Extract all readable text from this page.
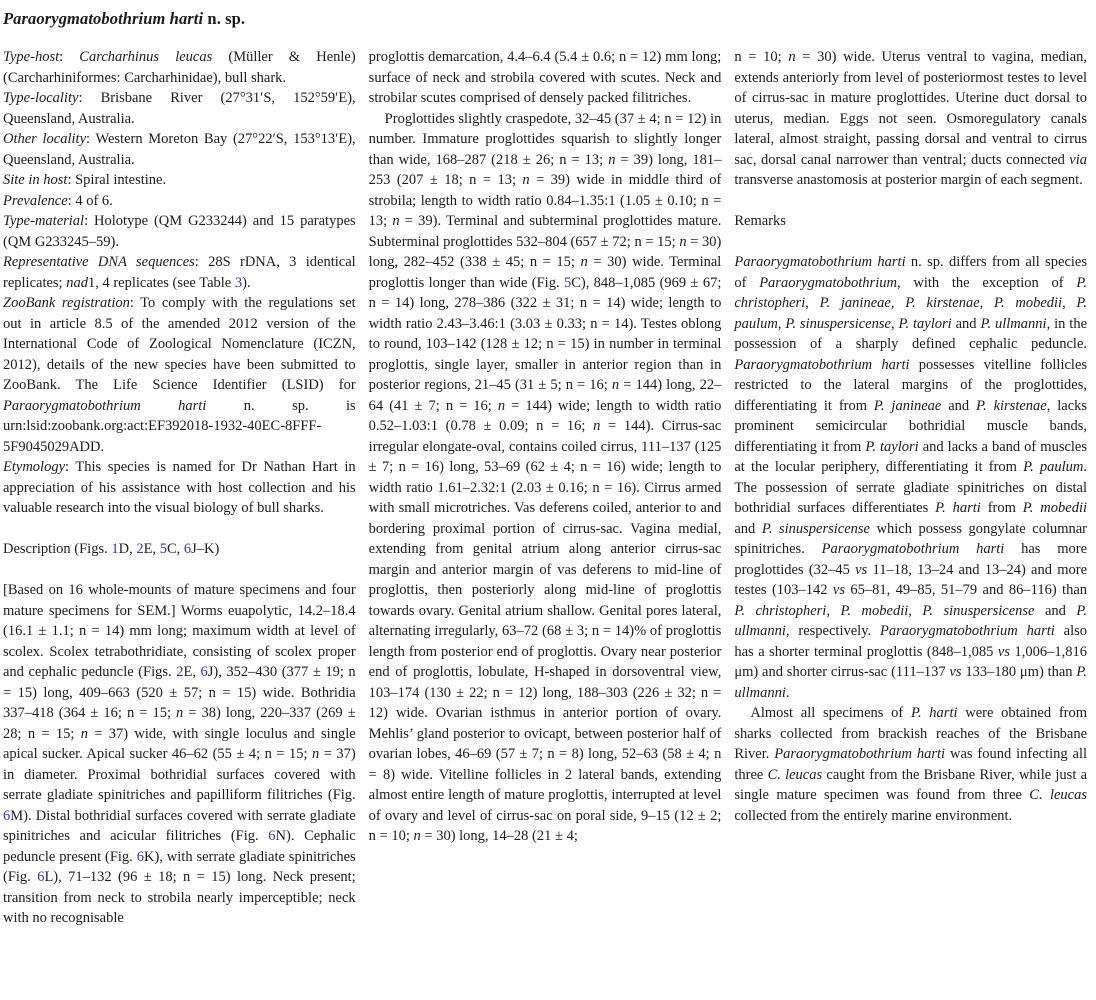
Paraorygmatobothrium harti n. sp.

Type-host: Carcharhinus leucas (Müller & Henle) (Carcharhiniformes: Carcharhinidae), bull shark.

Type-locality: Brisbane River (27°31′S, 152°59′E), Queensland, Australia.

Other locality: Western Moreton Bay (27°22′S, 153°13′E), Queensland, Australia.

Site in host: Spiral intestine.

Prevalence: 4 of 6.

Type-material: Holotype (QM G233244) and 15 paratypes (QM G233245–59).

Representative DNA sequences: 28S rDNA, 3 identical replicates; nad1, 4 replicates (see Table 3).

ZooBank registration: To comply with the regulations set out in article 8.5 of the amended 2012 version of the International Code of Zoological Nomenclature (ICZN, 2012), details of the new species have been submitted to ZooBank. The Life Science Identifier (LSID) for Paraorygmatobothrium harti n. sp. is urn:lsid:zoobank.org:act:EF392018-1932-40EC-8FFF-5F9045029ADD.

Etymology: This species is named for Dr Nathan Hart in appreciation of his assistance with host collection and his valuable research into the visual biology of bull sharks.

Description (Figs. 1D, 2E, 5C, 6J–K)

[Based on 16 whole-mounts of mature specimens and four mature specimens for SEM.] Worms euapolytic, 14.2–18.4 (16.1 ± 1.1; n = 14) mm long; maximum width at level of scolex. Scolex tetrabothridiate, consisting of scolex proper and cephalic peduncle (Figs. 2E, 6J), 352–430 (377 ± 19; n = 15) long, 409–663 (520 ± 57; n = 15) wide. Bothridia 337–418 (364 ± 16; n = 15; n = 38) long, 220–337 (269 ± 28; n = 15; n = 37) wide, with single loculus and single apical sucker. Apical sucker 46–62 (55 ± 4; n = 15; n = 37) in diameter. Proximal bothridial surfaces covered with serrate gladiate spinitriches and papilliform filitriches (Fig. 6M). Distal bothridial surfaces covered with serrate gladiate spinitriches and acicular filitriches (Fig. 6N). Cephalic peduncle present (Fig. 6K), with serrate gladiate spinitriches (Fig. 6L), 71–132 (96 ± 18; n = 15) long. Neck present; transition from neck to strobila nearly imperceptible; neck with no recognisable

proglottis demarcation, 4.4–6.4 (5.4 ± 0.6; n = 12) mm long; surface of neck and strobila covered with scutes. Neck and strobilar scutes comprised of densely packed filitriches.

Proglottides slightly craspedote, 32–45 (37 ± 4; n = 12) in number. Immature proglottides squarish to slightly longer than wide, 168–287 (218 ± 26; n = 13; n = 39) long, 181–253 (207 ± 18; n = 13; n = 39) wide in middle third of strobila; length to width ratio 0.84–1.35:1 (1.05 ± 0.10; n = 13; n = 39). Terminal and subterminal proglottides mature. Subterminal proglottides 532–804 (657 ± 72; n = 15; n = 30) long, 282–452 (338 ± 45; n = 15; n = 30) wide. Terminal proglottis longer than wide (Fig. 5C), 848–1,085 (969 ± 67; n = 14) long, 278–386 (322 ± 31; n = 14) wide; length to width ratio 2.43–3.46:1 (3.03 ± 0.33; n = 14). Testes oblong to round, 103–142 (128 ± 12; n = 15) in number in terminal proglottis, single layer, smaller in anterior region than in posterior regions, 21–45 (31 ± 5; n = 16; n = 144) long, 22–64 (41 ± 7; n = 16; n = 144) wide; length to width ratio 0.52–1.03:1 (0.78 ± 0.09; n = 16; n = 144). Cirrus-sac irregular elongate-oval, contains coiled cirrus, 111–137 (125 ± 7; n = 16) long, 53–69 (62 ± 4; n = 16) wide; length to width ratio 1.61–2.32:1 (2.03 ± 0.16; n = 16). Cirrus armed with small microtriches. Vas deferens coiled, anterior to and bordering proximal portion of cirrus-sac. Vagina medial, extending from genital atrium along anterior cirrus-sac margin and anterior margin of vas deferens to mid-line of proglottis, then posteriorly along mid-line of proglottis towards ovary. Genital atrium shallow. Genital pores lateral, alternating irregularly, 63–72 (68 ± 3; n = 14)% of proglottis length from posterior end of proglottis. Ovary near posterior end of proglottis, lobulate, H-shaped in dorsoventral view, 103–174 (130 ± 22; n = 12) long, 188–303 (226 ± 32; n = 12) wide. Ovarian isthmus in anterior portion of ovary. Mehlis’ gland posterior to ovicapt, between posterior half of ovarian lobes, 46–69 (57 ± 7; n = 8) long, 52–63 (58 ± 4; n = 8) wide. Vitelline follicles in 2 lateral bands, extending almost entire length of mature proglottis, interrupted at level of ovary and level of cirrus-sac on poral side, 9–15 (12 ± 2; n = 10; n = 30) long, 14–28 (21 ± 4;

n = 10; n = 30) wide. Uterus ventral to vagina, median, extends anteriorly from level of posteriormost testes to level of cirrus-sac in mature proglottides. Uterine duct dorsal to uterus, median. Eggs not seen. Osmoregulatory canals lateral, almost straight, passing dorsal and ventral to cirrus sac, dorsal canal narrower than ventral; ducts connected via transverse anastomosis at posterior margin of each segment.

Remarks

Paraorygmatobothrium harti n. sp. differs from all species of Paraorygmatobothrium, with the exception of P. christopheri, P. janineae, P. kirstenae, P. mobedii, P. paulum, P. sinuspersicense, P. taylori and P. ullmanni, in the possession of a sharply defined cephalic peduncle. Paraorygmatobothrium harti possesses vitelline follicles restricted to the lateral margins of the proglottides, differentiating it from P. janineae and P. kirstenae, lacks prominent semicircular bothridial muscle bands, differentiating it from P. taylori and lacks a band of muscles at the locular periphery, differentiating it from P. paulum. The possession of serrate gladiate spinitriches on distal bothridial surfaces differentiates P. harti from P. mobedii and P. sinuspersicense which possess gongylate columnar spinitriches. Paraorygmatobothrium harti has more proglottides (32–45 vs 11–18, 13–24 and 13–24) and more testes (103–142 vs 65–81, 49–85, 51–79 and 86–116) than P. christopheri, P. mobedii, P. sinuspersicense and P. ullmanni, respectively. Paraorygmatobothrium harti also has a shorter terminal proglottis (848–1,085 vs 1,006–1,816 μm) and shorter cirrus-sac (111–137 vs 133–180 μm) than P. ullmanni.

Almost all specimens of P. harti were obtained from sharks collected from brackish reaches of the Brisbane River. Paraorygmatobothrium harti was found infecting all three C. leucas caught from the Brisbane River, while just a single mature specimen was found from three C. leucas collected from the entirely marine environment.
